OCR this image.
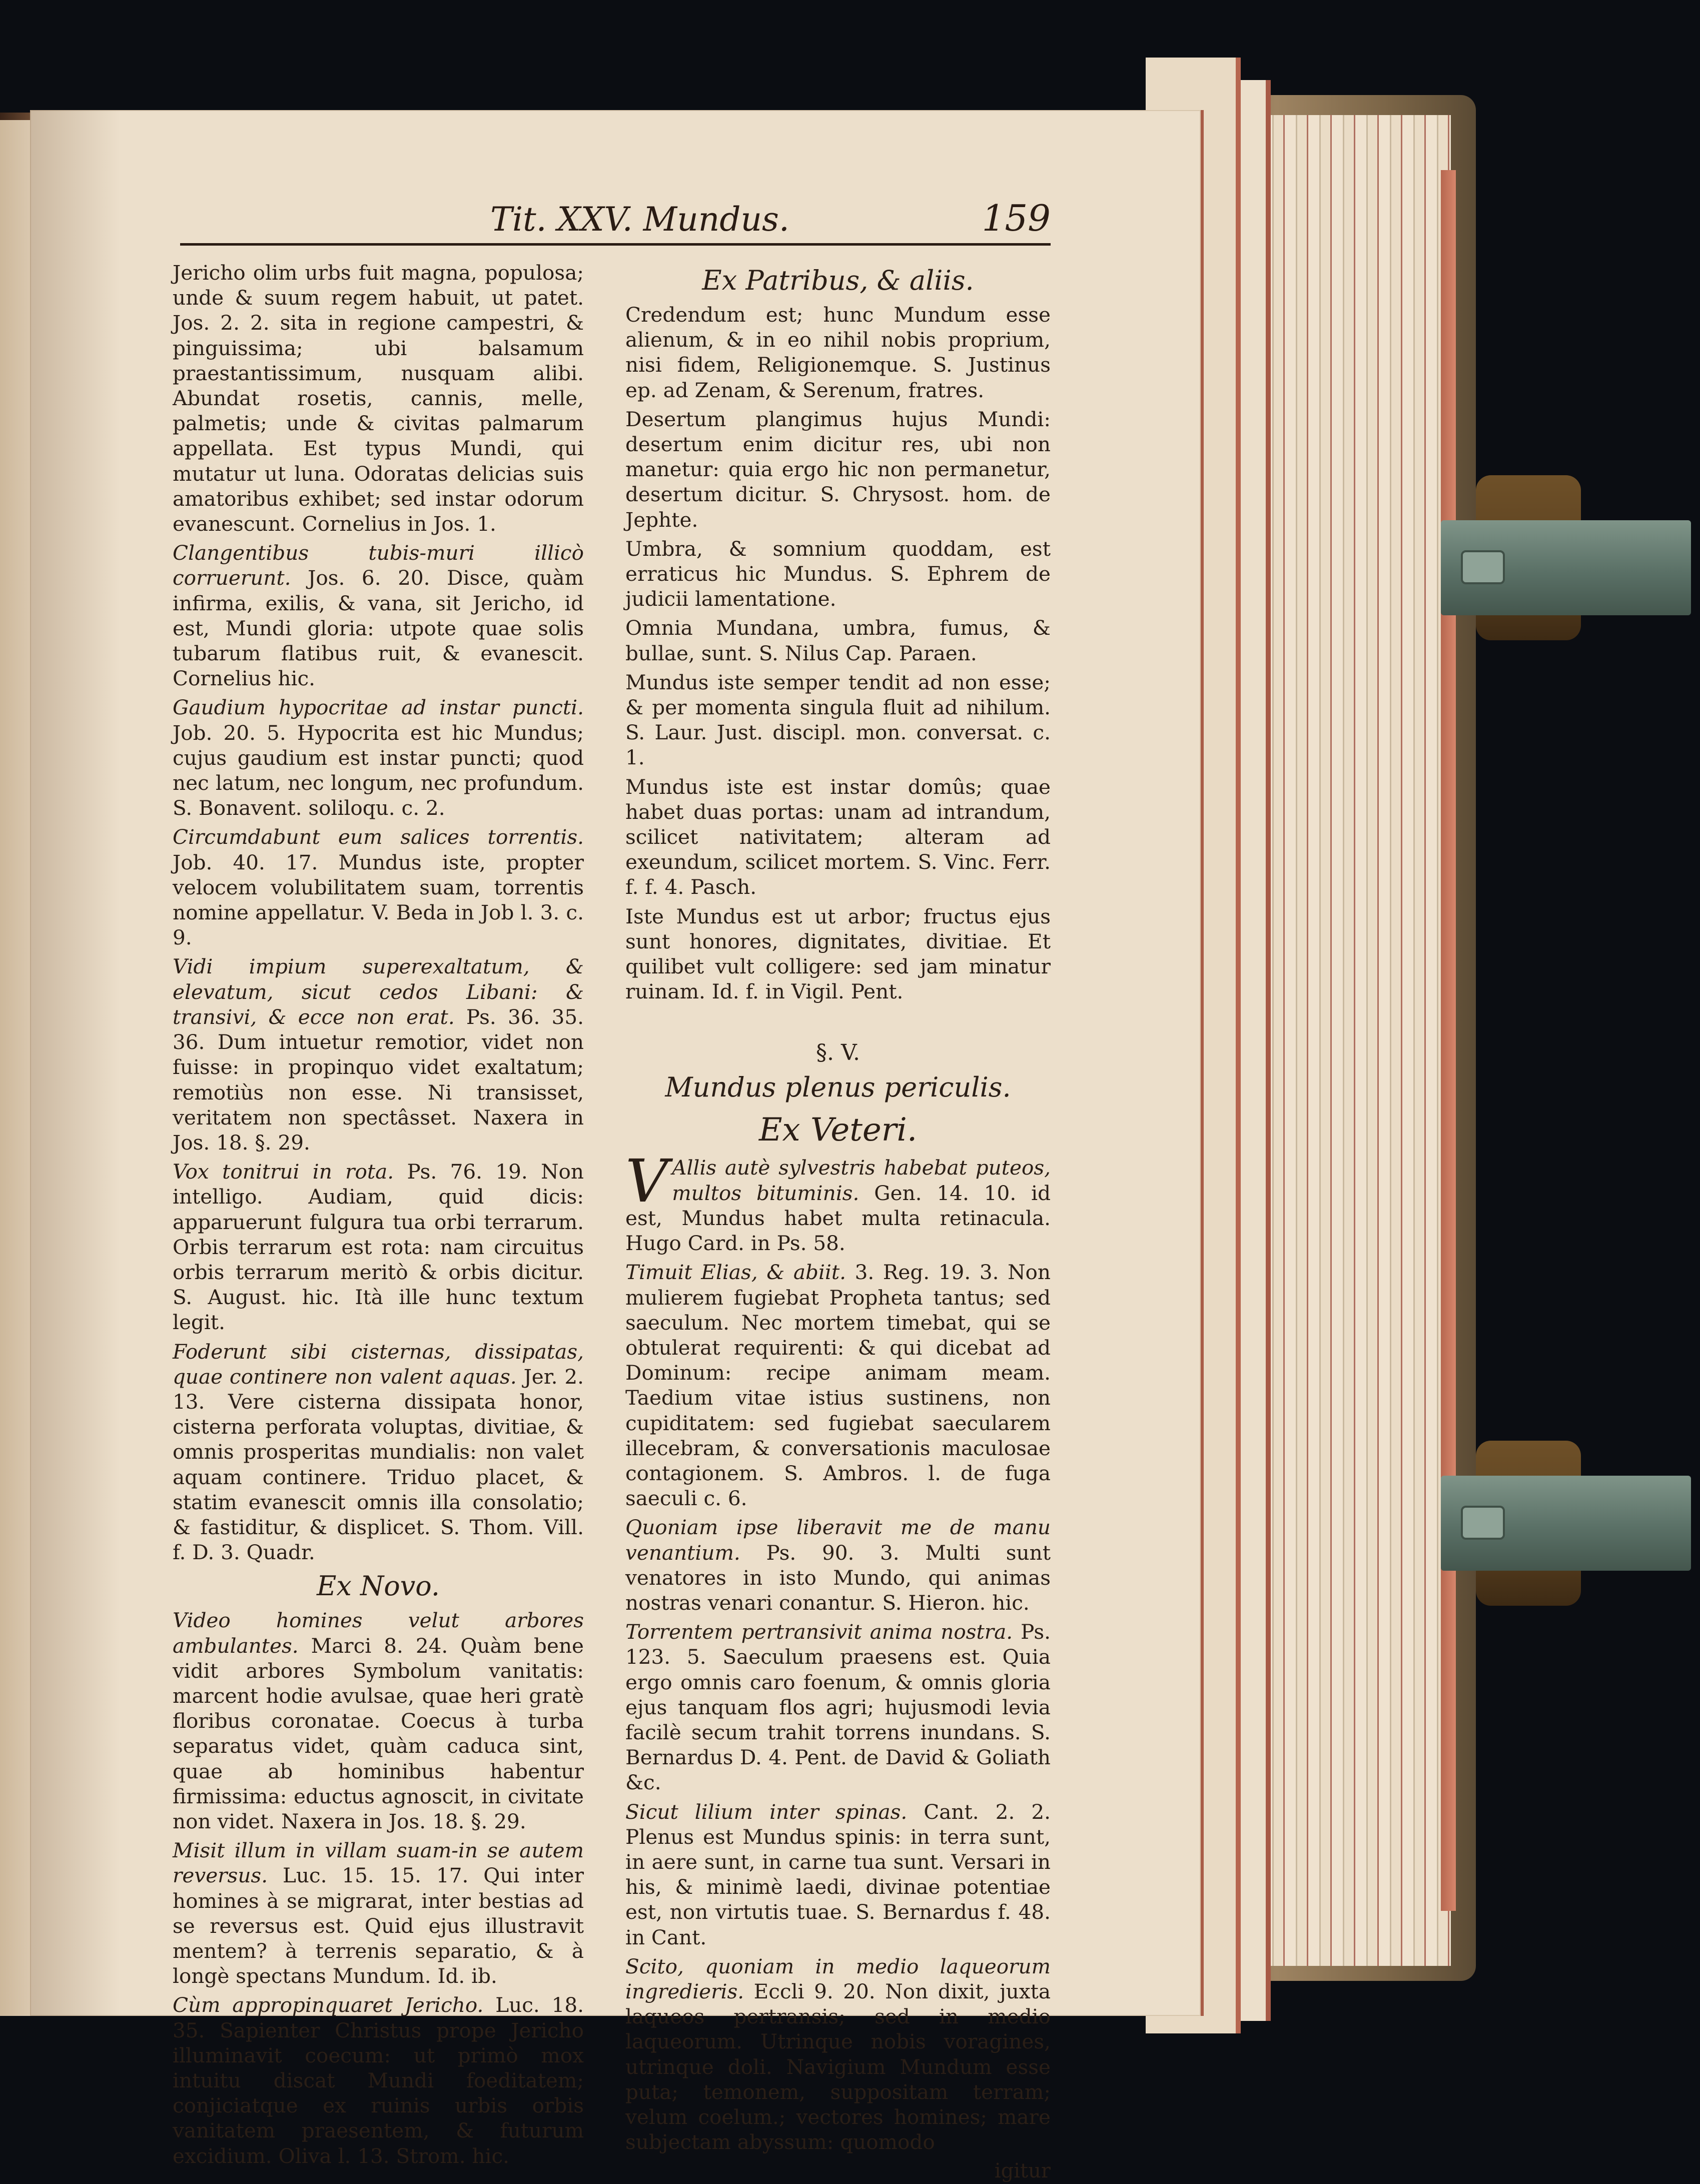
Tit. XXV. Mundus.	159

Jericho olim urbs fuit magna, populosa; unde & suum regem habuit, ut patet. Jos. 2. 2. sita in regione campestri, & pinguissima; ubi balsamum praestantissimum, nusquam alibi. Abundat rosetis, cannis, melle, palmetis; unde & civitas palmarum appellata. Est typus Mundi, qui mutatur ut luna. Odoratas delicias suis amatoribus exhibet; sed instar odorum evanescunt. Cornelius in Jos. 1.

Clangentibus tubis-muri illicò corruerunt. Jos. 6. 20. Disce, quàm infirma, exilis, & vana, sit Jericho, id est, Mundi gloria: utpote quae solis tubarum flatibus ruit, & evanescit. Cornelius hic.

Gaudium hypocritae ad instar puncti. Job. 20. 5. Hypocrita est hic Mundus; cujus gaudium est instar puncti; quod nec latum, nec longum, nec profundum. S. Bonavent. soliloqu. c. 2.

Circumdabunt eum salices torrentis. Job. 40. 17. Mundus iste, propter velocem volubilitatem suam, torrentis nomine appellatur. V. Beda in Job l. 3. c. 9.

Vidi impium superexaltatum, & elevatum, sicut cedos Libani: & transivi, & ecce non erat. Ps. 36. 35. 36. Dum intuetur remotior, videt non fuisse: in propinquo videt exaltatum; remotiùs non esse. Ni transisset, veritatem non spectâsset. Naxera in Jos. 18. §. 29.

Vox tonitrui in rota. Ps. 76. 19. Non intelligo. Audiam, quid dicis: apparuerunt fulgura tua orbi terrarum. Orbis terrarum est rota: nam circuitus orbis terrarum meritò & orbis dicitur. S. August. hic. Ità ille hunc textum legit.

Foderunt sibi cisternas, dissipatas, quae continere non valent aquas. Jer. 2. 13. Vere cisterna dissipata honor, cisterna perforata voluptas, divitiae, & omnis prosperitas mundialis: non valet aquam continere. Triduo placet, & statim evanescit omnis illa consolatio; & fastiditur, & displicet. S. Thom. Vill. f. D. 3. Quadr.

Ex Novo.

Video homines velut arbores ambulantes. Marci 8. 24. Quàm bene vidit arbores Symbolum vanitatis: marcent hodie avulsae, quae heri gratè floribus coronatae. Coecus à turba separatus videt, quàm caduca sint, quae ab hominibus habentur firmissima: eductus agnoscit, in civitate non videt. Naxera in Jos. 18. §. 29.

Misit illum in villam suam-in se autem reversus. Luc. 15. 15. 17. Qui inter homines à se migrarat, inter bestias ad se reversus est. Quid ejus illustravit mentem? à terrenis separatio, & à longè spectans Mundum. Id. ib.

Cùm appropinquaret Jericho. Luc. 18. 35. Sapienter Christus prope Jericho illuminavit coecum: ut primò mox intuitu discat Mundi foeditatem; conjiciatque ex ruinis urbis orbis vanitatem praesentem, & futurum excidium. Oliva l. 13. Strom. hic.

Ex Patribus, & aliis.

Credendum est; hunc Mundum esse alienum, & in eo nihil nobis proprium, nisi fidem, Religionemque. S. Justinus ep. ad Zenam, & Serenum, fratres.

Desertum plangimus hujus Mundi: desertum enim dicitur res, ubi non manetur: quia ergo hic non permanetur, desertum dicitur. S. Chrysost. hom. de Jephte.

Umbra, & somnium quoddam, est erraticus hic Mundus. S. Ephrem de judicii lamentatione.

Omnia Mundana, umbra, fumus, & bullae, sunt. S. Nilus Cap. Paraen.

Mundus iste semper tendit ad non esse; & per momenta singula fluit ad nihilum. S. Laur. Just. discipl. mon. conversat. c. 1.

Mundus iste est instar domûs; quae habet duas portas: unam ad intrandum, scilicet nativitatem; alteram ad exeundum, scilicet mortem. S. Vinc. Ferr. f. f. 4. Pasch.

Iste Mundus est ut arbor; fructus ejus sunt honores, dignitates, divitiae. Et quilibet vult colligere: sed jam minatur ruinam. Id. f. in Vigil. Pent.

§. V.
Mundus plenus periculis.
Ex Veteri.

V Allis autè sylvestris habebat puteos, multos bituminis. Gen. 14. 10. id est, Mundus habet multa retinacula. Hugo Card. in Ps. 58.

Timuit Elias, & abiit. 3. Reg. 19. 3. Non mulierem fugiebat Propheta tantus; sed saeculum. Nec mortem timebat, qui se obtulerat requirenti: & qui dicebat ad Dominum: recipe animam meam. Taedium vitae istius sustinens, non cupiditatem: sed fugiebat saecularem illecebram, & conversationis maculosae contagionem. S. Ambros. l. de fuga saeculi c. 6.

Quoniam ipse liberavit me de manu venantium. Ps. 90. 3. Multi sunt venatores in isto Mundo, qui animas nostras venari conantur. S. Hieron. hic.

Torrentem pertransivit anima nostra. Ps. 123. 5. Saeculum praesens est. Quia ergo omnis caro foenum, & omnis gloria ejus tanquam flos agri; hujusmodi levia facilè secum trahit torrens inundans. S. Bernardus D. 4. Pent. de David & Goliath &c.

Sicut lilium inter spinas. Cant. 2. 2. Plenus est Mundus spinis: in terra sunt, in aere sunt, in carne tua sunt. Versari in his, & minimè laedi, divinae potentiae est, non virtutis tuae. S. Bernardus f. 48. in Cant.

Scito, quoniam in medio laqueorum ingredieris. Eccli 9. 20. Non dixit, juxta laqueos pertransis; sed in medio laqueorum. Utrinque nobis voragines, utrinque doli. Navigium Mundum esse puta; temonem, suppositam terram; velum coelum.; vectores homines; mare subjectam abyssum: quomodo

igitur
